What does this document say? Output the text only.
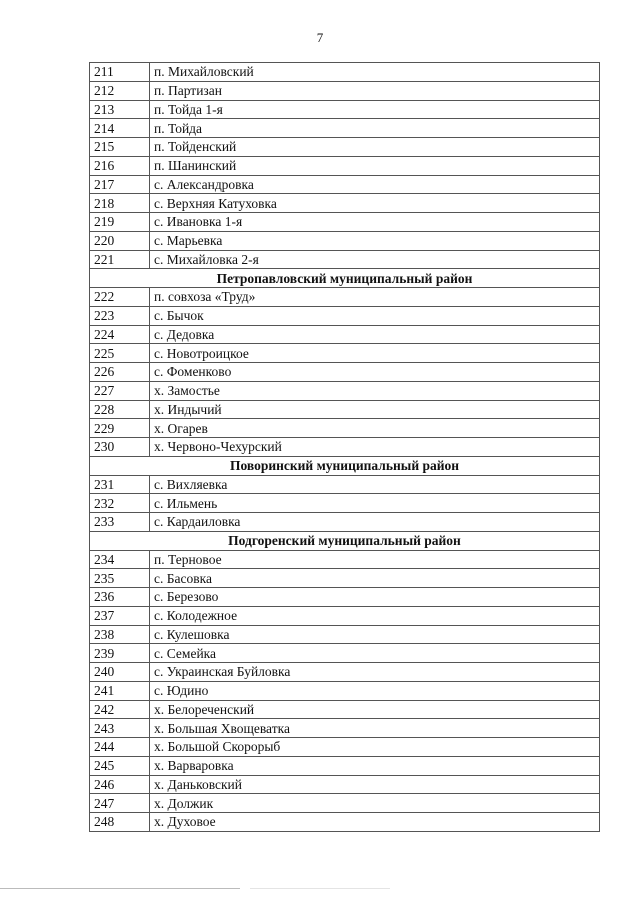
7
211	п. Михайловский
212	п. Партизан
213	п. Тойда 1-я
214	п. Тойда
215	п. Тойденский
216	п. Шанинский
217	с. Александровка
218	с. Верхняя Катуховка
219	с. Ивановка 1-я
220	с. Марьевка
221	с. Михайловка 2-я
Петропавловский муниципальный район	
222	п. совхоза «Труд»
223	с. Бычок
224	с. Дедовка
225	с. Новотроицкое
226	с. Фоменково
227	х. Замостье
228	х. Индычий
229	х. Огарев
230	х. Червоно-Чехурский
Поворинский муниципальный район	
231	с. Вихляевка
232	с. Ильмень
233	с. Кардаиловка
Подгоренский муниципальный район	
234	п. Терновое
235	с. Басовка
236	с. Березово
237	с. Колодежное
238	с. Кулешовка
239	с. Семейка
240	с. Украинская Буйловка
241	с. Юдино
242	х. Белореченский
243	х. Большая Хвощеватка
244	х. Большой Скорорыб
245	х. Варваровка
246	х. Даньковский
247	х. Должик
248	х. Духовое
